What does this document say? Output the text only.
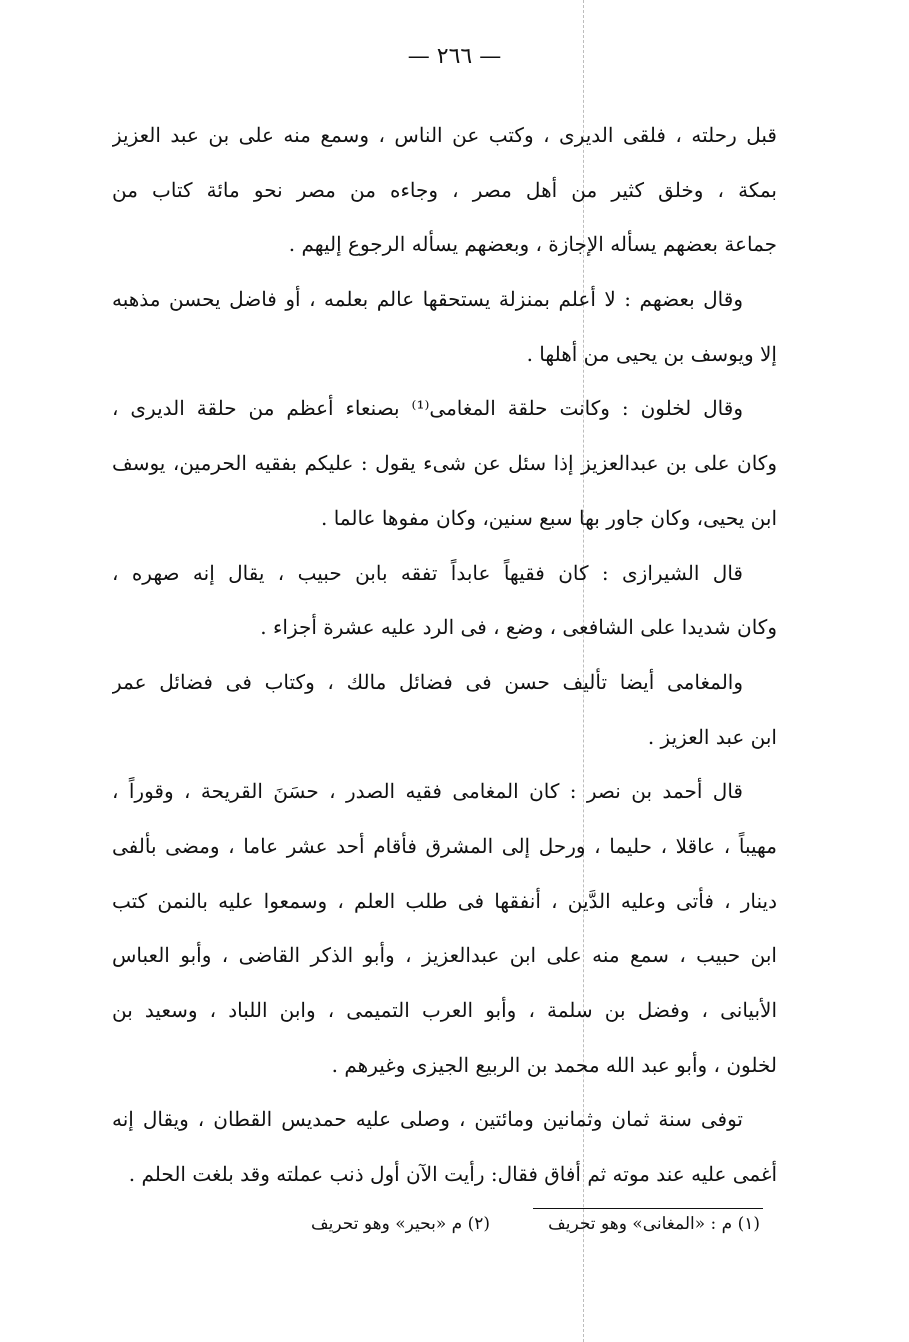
— ٢٦٦ —
قبل رحلته ، فلقى الديرى ، وكتب عن الناس ، وسمع منه على بن عبد العزيز
بمكة ، وخلق كثير من أهل مصر ، وجاءه من مصر نحو مائة كتاب من
جماعة بعضهم يسأله الإجازة ، وبعضهم يسأله الرجوع إليهم .
وقال بعضهم : لا أعلم بمنزلة يستحقها عالم بعلمه ، أو فاضل يحسن مذهبه
إلا ويوسف بن يحيى من أهلها .
وقال لخلون : وكانت حلقة المغامى⁽¹⁾ بصنعاء أعظم من حلقة الديرى ،
وكان على بن عبدالعزيز إذا سئل عن شىء يقول : عليكم بفقيه الحرمين، يوسف
ابن يحيى، وكان جاور بها سبع سنين، وكان مفوها عالما .
قال الشيرازى : كان فقيهاً عابداً تفقه بابن حبيب ، يقال إنه صهره ،
وكان شديدا على الشافعى ، وضع ، فى الرد عليه عشرة أجزاء .
والمغامى أيضا تأليف حسن فى فضائل مالك ، وكتاب فى فضائل عمر
ابن عبد العزيز .
قال أحمد بن نصر : كان المغامى فقيه الصدر ، حسَنَ القريحة ، وقوراً ،
مهيباً ، عاقلا ، حليما ، ورحل إلى المشرق فأقام أحد عشر عاما ، ومضى بألفى
دينار ، فأتى وعليه الدَّين ، أنفقها فى طلب العلم ، وسمعوا عليه بالنمن كتب
ابن حبيب ، سمع منه على ابن عبدالعزيز ، وأبو الذكر القاضى ، وأبو العباس
الأبيانى ، وفضل بن سلمة ، وأبو العرب التميمى ، وابن اللباد ، وسعيد بن
لخلون ، وأبو عبد الله محمد بن الربيع الجيزى وغيرهم .
توفى سنة ثمان وثمانين ومائتين ، وصلى عليه حمديس القطان ، ويقال إنه
أغمى عليه عند موته ثم أفاق فقال: رأيت الآن أول ذنب عملته وقد بلغت الحلم .
(١) م : «المغانى» وهو تحريف
(٢) م «بحير» وهو تحريف
